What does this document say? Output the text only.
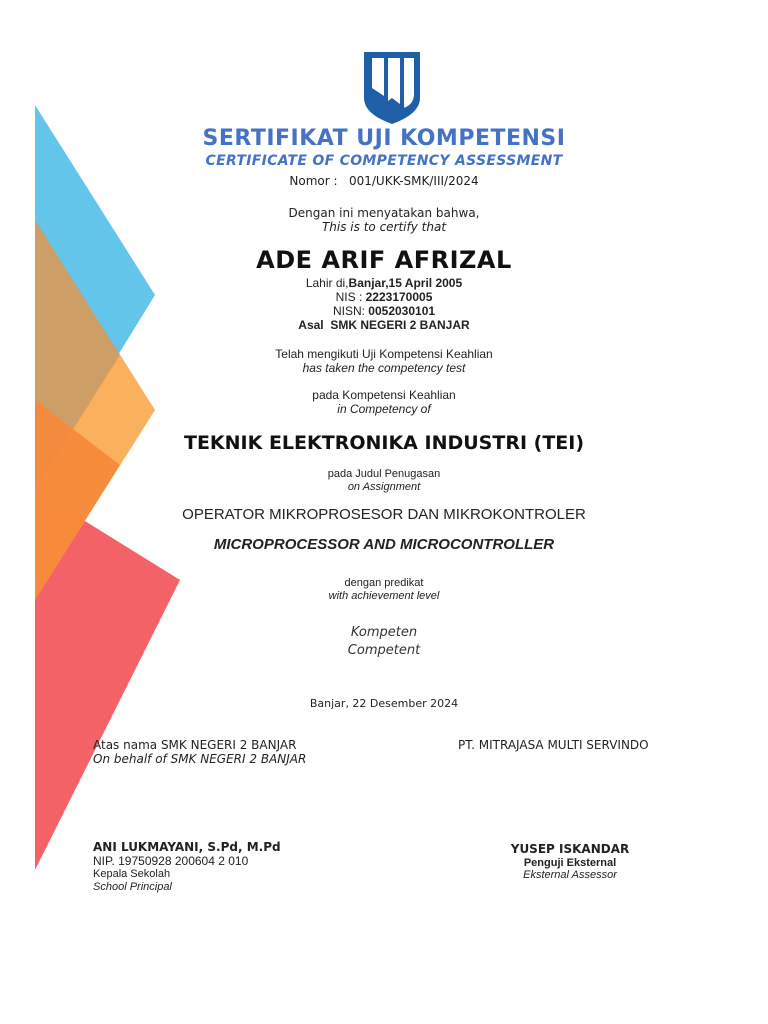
SERTIFIKAT UJI KOMPETENSI
CERTIFICATE OF COMPETENCY ASSESSMENT
Nomor : 001/UKK-SMK/III/2024
Dengan ini menyatakan bahwa,
This is to certify that
ADE ARIF AFRIZAL
Lahir di,Banjar,15 April 2005
NIS : 2223170005
NISN: 0052030101
Asal SMK NEGERI 2 BANJAR
Telah mengikuti Uji Kompetensi Keahlian
has taken the competency test
pada Kompetensi Keahlian
in Competency of
TEKNIK ELEKTRONIKA INDUSTRI (TEI)
pada Judul Penugasan
on Assignment
OPERATOR MIKROPROSESOR DAN MIKROKONTROLER
MICROPROCESSOR AND MICROCONTROLLER
dengan predikat
with achievement level
Kompeten
Competent
Banjar, 22 Desember 2024
Atas nama SMK NEGERI 2 BANJAR
On behalf of SMK NEGERI 2 BANJAR
ANI LUKMAYANI, S.Pd, M.Pd
NIP. 19750928 200604 2 010
Kepala Sekolah
School Principal
PT. MITRAJASA MULTI SERVINDO
YUSEP ISKANDAR
Penguji Eksternal
Eksternal Assessor
